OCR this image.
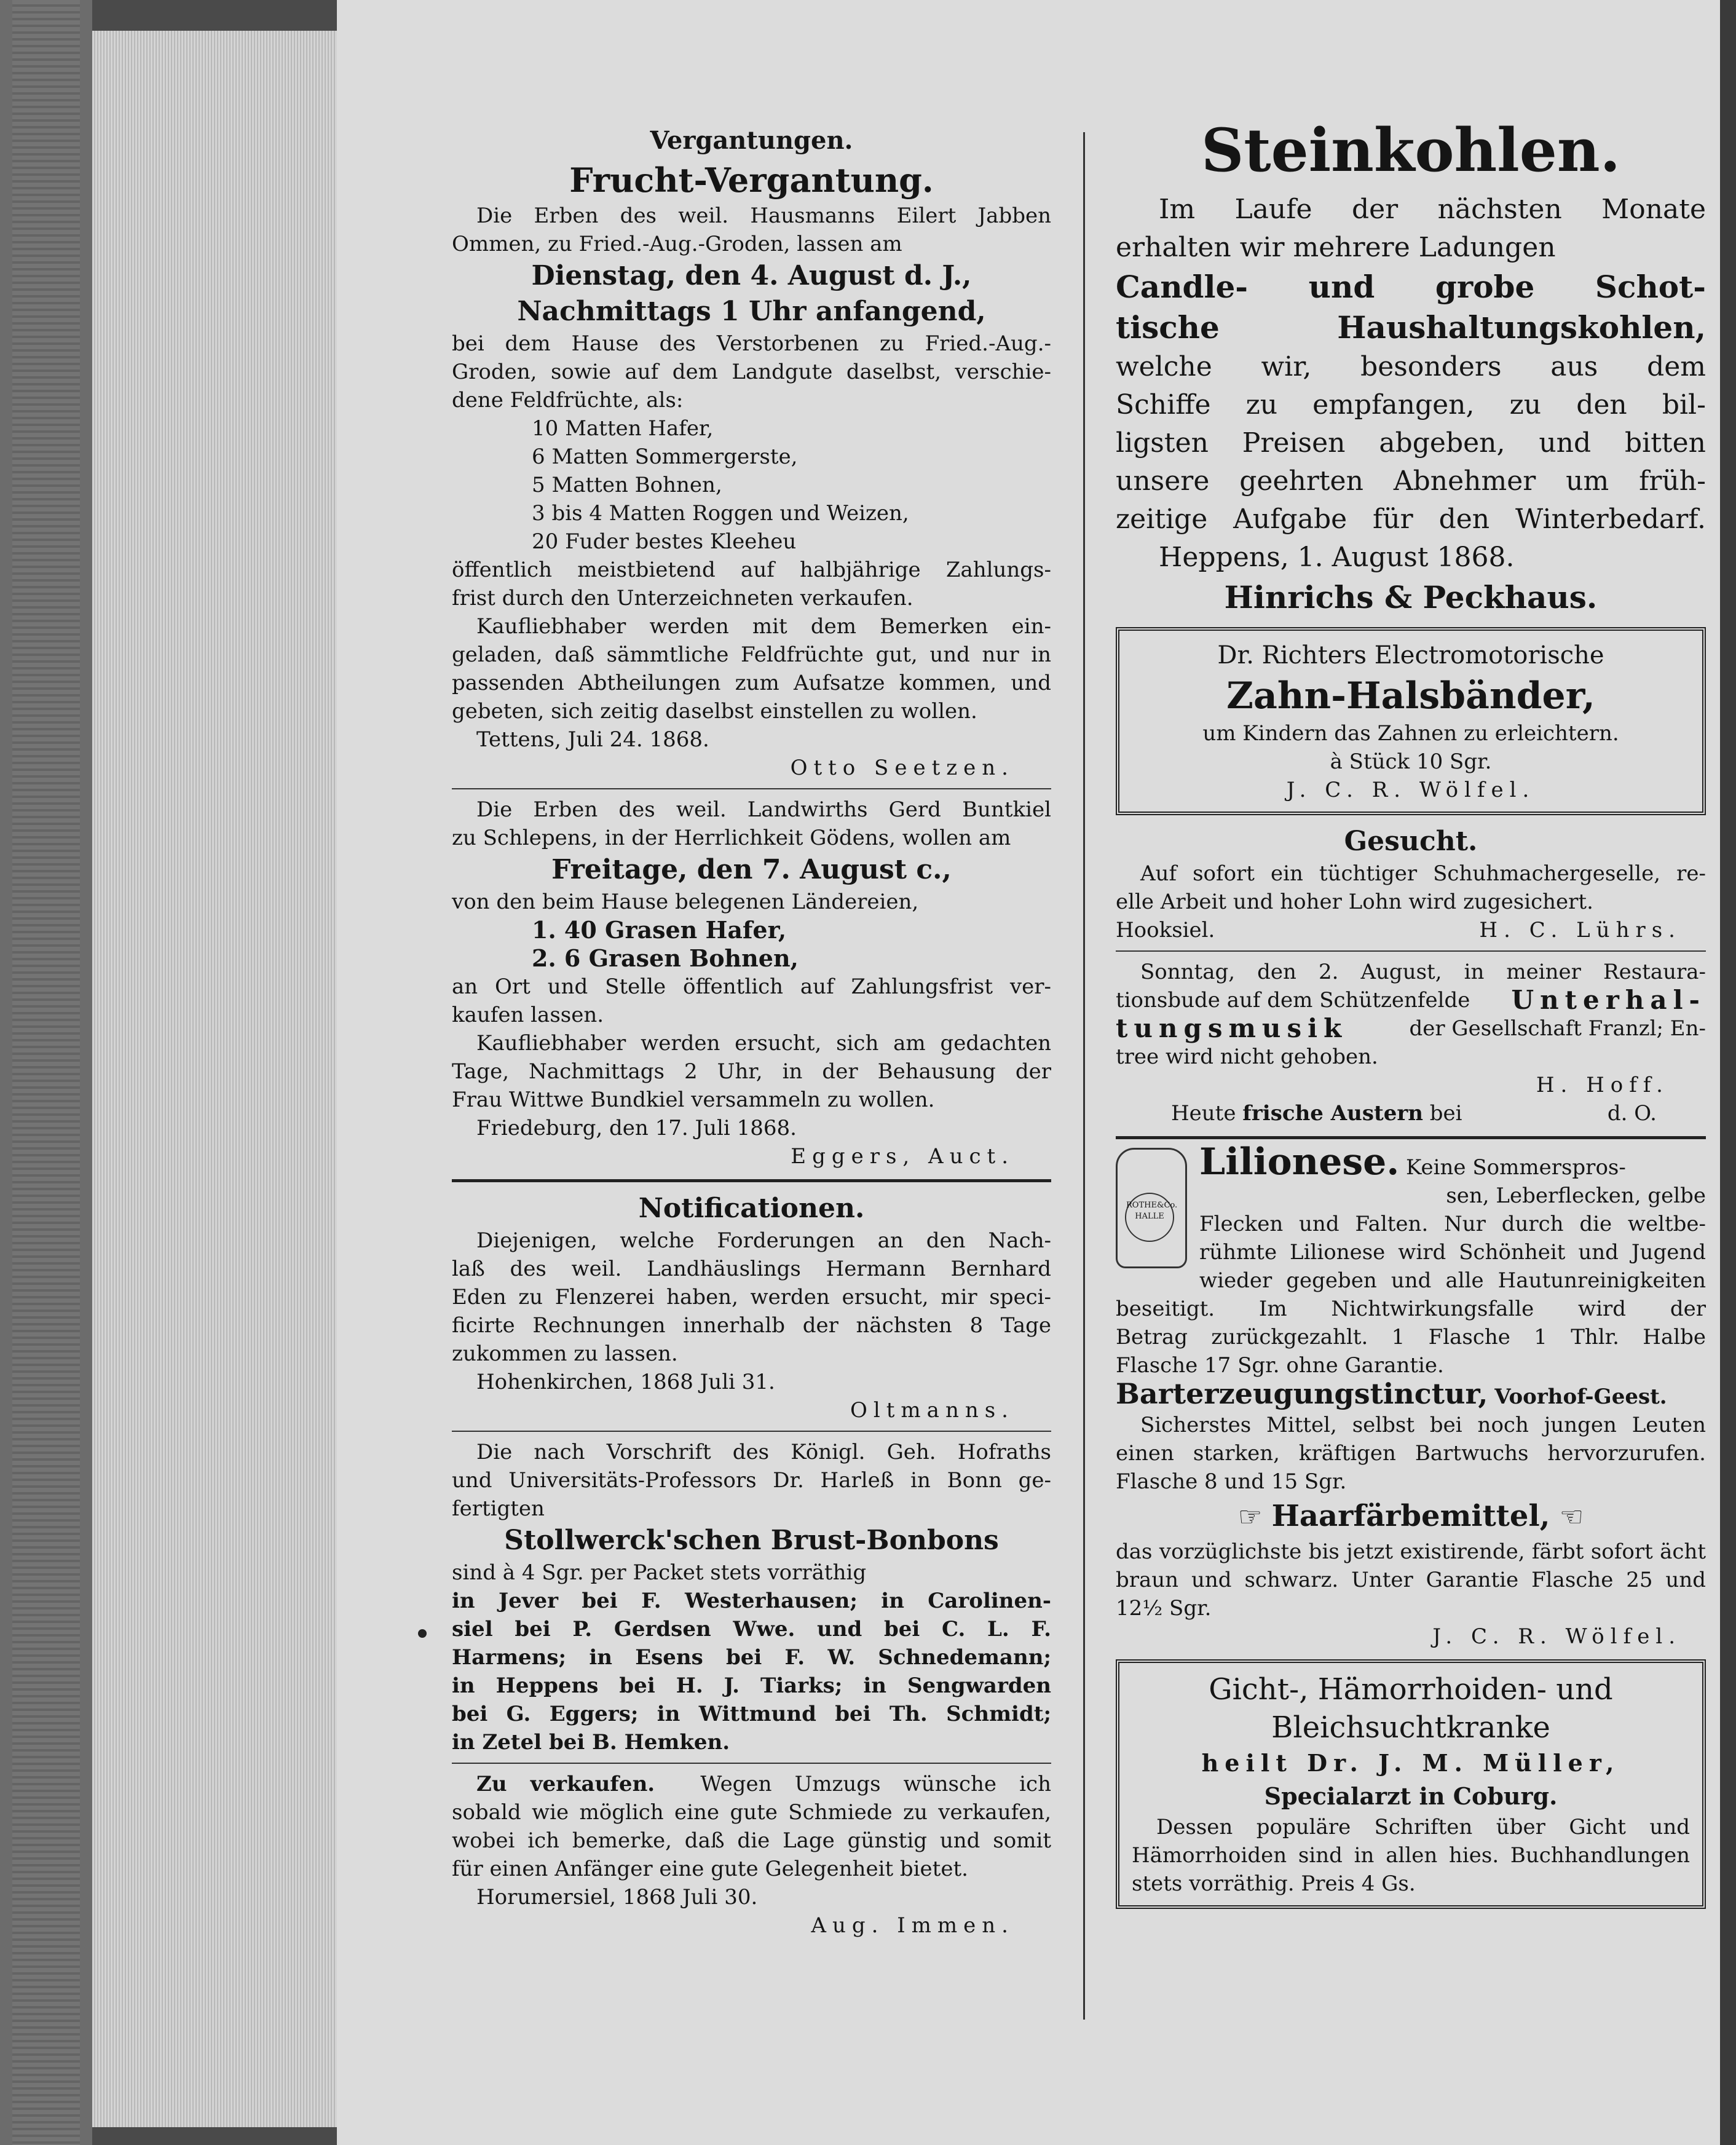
Vergantungen.
Frucht-Vergantung.
Die Erben des weil. Hausmanns Eilert Jabben
Ommen, zu Fried.-Aug.-Groden, lassen am
Dienstag, den 4. August d. J.,
Nachmittags 1 Uhr anfangend,
bei dem Hause des Verstorbenen zu Fried.-Aug.-
Groden, sowie auf dem Landgute daselbst, verschie-
dene Feldfrüchte, als:
10 Matten Hafer,
6 Matten Sommergerste,
5 Matten Bohnen,
3 bis 4 Matten Roggen und Weizen,
20 Fuder bestes Kleeheu
öffentlich meistbietend auf halbjährige Zahlungs-
frist durch den Unterzeichneten verkaufen.
Kaufliebhaber werden mit dem Bemerken ein-
geladen, daß sämmtliche Feldfrüchte gut, und nur in
passenden Abtheilungen zum Aufsatze kommen, und
gebeten, sich zeitig daselbst einstellen zu wollen.
Tettens, Juli 24. 1868.
Otto Seetzen.
Die Erben des weil. Landwirths Gerd Buntkiel
zu Schlepens, in der Herrlichkeit Gödens, wollen am
Freitage, den 7. August c.,
von den beim Hause belegenen Ländereien,
1. 40 Grasen Hafer,
2. 6 Grasen Bohnen,
an Ort und Stelle öffentlich auf Zahlungsfrist ver-
kaufen lassen.
Kaufliebhaber werden ersucht, sich am gedachten
Tage, Nachmittags 2 Uhr, in der Behausung der
Frau Wittwe Bundkiel versammeln zu wollen.
Friedeburg, den 17. Juli 1868.
Eggers, Auct.
Notificationen.
Diejenigen, welche Forderungen an den Nach-
laß des weil. Landhäuslings Hermann Bernhard
Eden zu Flenzerei haben, werden ersucht, mir speci-
ficirte Rechnungen innerhalb der nächsten 8 Tage
zukommen zu lassen.
Hohenkirchen, 1868 Juli 31.
Oltmanns.
Die nach Vorschrift des Königl. Geh. Hofraths
und Universitäts-Professors Dr. Harleß in Bonn ge-
fertigten
Stollwerck'schen Brust-Bonbons
sind à 4 Sgr. per Packet stets vorräthig
in Jever bei F. Westerhausen; in Carolinen-
siel bei P. Gerdsen Wwe. und bei C. L. F.
Harmens; in Esens bei F. W. Schnedemann;
in Heppens bei H. J. Tiarks; in Sengwarden
bei G. Eggers; in Wittmund bei Th. Schmidt;
in Zetel bei B. Hemken.
Zu verkaufen. Wegen Umzugs wünsche ich
sobald wie möglich eine gute Schmiede zu verkaufen,
wobei ich bemerke, daß die Lage günstig und somit
für einen Anfänger eine gute Gelegenheit bietet.
Horumersiel, 1868 Juli 30.
Aug. Immen.
Steinkohlen.
Im Laufe der nächsten Monate
erhalten wir mehrere Ladungen
Candle- und grobe Schot-
tische Haushaltungskohlen,
welche wir, besonders aus dem
Schiffe zu empfangen, zu den bil-
ligsten Preisen abgeben, und bitten
unsere geehrten Abnehmer um früh-
zeitige Aufgabe für den Winterbedarf.
Heppens, 1. August 1868.
Hinrichs & Peckhaus.
Dr. Richters Electromotorische
Zahn-Halsbänder,
um Kindern das Zahnen zu erleichtern.
à Stück 10 Sgr.
J. C. R. Wölfel.
Gesucht.
Auf sofort ein tüchtiger Schuhmachergeselle, re-
elle Arbeit und hoher Lohn wird zugesichert.
Hooksiel.	H. C. Lührs.
Sonntag, den 2. August, in meiner Restaura-
tionsbude auf dem Schützenfelde Unterhal-
tungsmusik	der Gesellschaft Franzl; En-
tree wird nicht gehoben.
H. Hoff.
Heute frische Austern bei	d. O.
ROTHE&Co. HALLE
Lilionese. Keine Sommerspros-
sen, Leberflecken, gelbe
Flecken und Falten. Nur durch die weltbe-
rühmte Lilionese wird Schönheit und Jugend
wieder gegeben und alle Hautunreinigkeiten
beseitigt. Im Nichtwirkungsfalle wird der
Betrag zurückgezahlt. 1 Flasche 1 Thlr. Halbe
Flasche 17 Sgr. ohne Garantie.
Barterzeugungstinctur, Voorhof-Geest.
Sicherstes Mittel, selbst bei noch jungen Leuten
einen starken, kräftigen Bartwuchs hervorzurufen.
Flasche 8 und 15 Sgr.
☞ Haarfärbemittel, ☜
das vorzüglichste bis jetzt existirende, färbt sofort ächt
braun und schwarz. Unter Garantie Flasche 25 und
12½ Sgr.
J. C. R. Wölfel.
Gicht-, Hämorrhoiden- und
Bleichsuchtkranke
heilt Dr. J. M. Müller,
Specialarzt in Coburg.
Dessen populäre Schriften über Gicht und
Hämorrhoiden sind in allen hies. Buchhandlungen
stets vorräthig. Preis 4 Gs.
